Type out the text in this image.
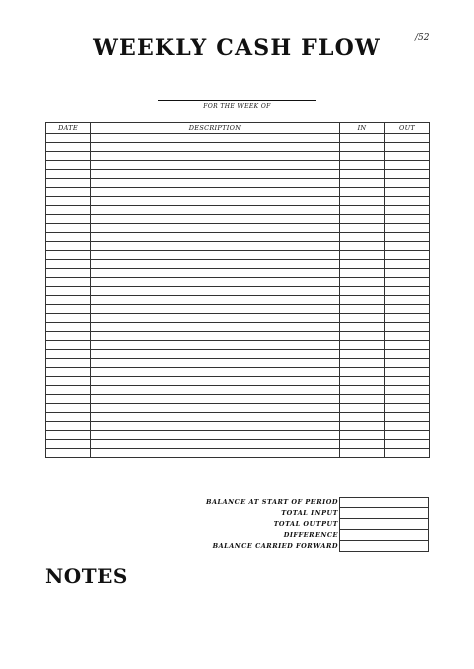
/52
WEEKLY CASH FLOW
FOR THE WEEK OF
DATE	DESCRIPTION	IN	OUT

BALANCE AT START OF PERIOD
TOTAL INPUT
TOTAL OUTPUT
DIFFERENCE
BALANCE CARRIED FORWARD
NOTES
